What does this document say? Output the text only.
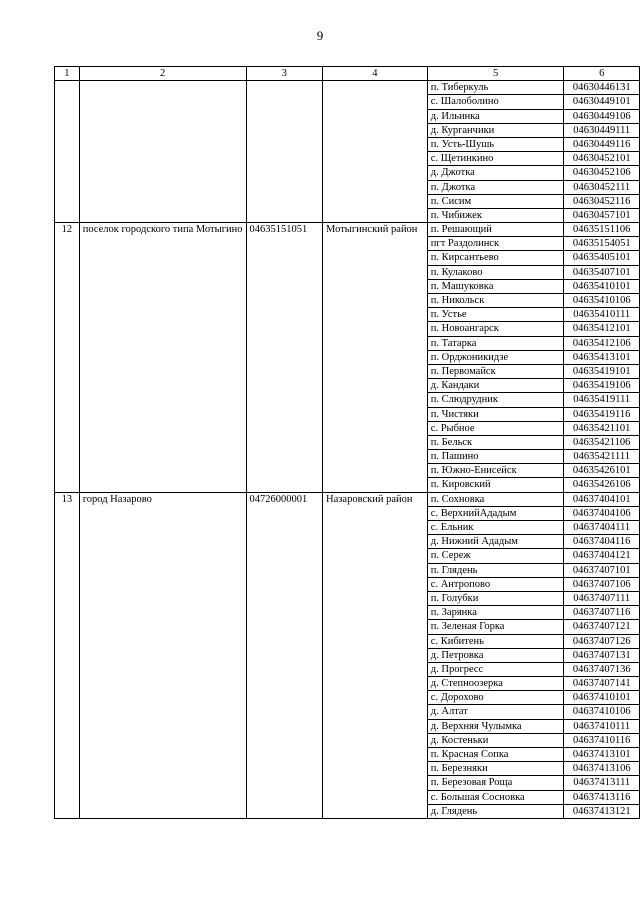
9
1	2	3	4	5	6
				п. Тиберкуль	04630446131
				с. Шалоболино	04630449101
				д. Ильинка	04630449106
				д. Курганчики	04630449111
				п. Усть-Шушь	04630449116
				с. Щетинкино	04630452101
				д. Джотка	04630452106
				п. Джотка	04630452111
				п. Сисим	04630452116
				п. Чибижек	04630457101
12	поселок городского типа Мотыгино	04635151051	Мотыгинский район	п. Решающий	04635151106
				пгт Раздолинск	04635154051
				п. Кирсантьево	04635405101
				п. Кулаково	04635407101
				п. Машуковка	04635410101
				п. Никольск	04635410106
				п. Устье	04635410111
				п. Новоангарск	04635412101
				п. Татарка	04635412106
				п. Орджоникидзе	04635413101
				п. Первомайск	04635419101
				д. Кандаки	04635419106
				п. Слюдрудник	04635419111
				п. Чистяки	04635419116
				с. Рыбное	04635421101
				п. Бельск	04635421106
				п. Пашино	04635421111
				п. Южно-Енисейск	04635426101
				п. Кировский	04635426106
13	город Назарово	04726000001	Назаровский район	п. Сохновка	04637404101
				с. ВерхнийАдадым	04637404106
				с. Ельник	04637404111
				д. Нижний Ададым	04637404116
				п. Сереж	04637404121
				п. Глядень	04637407101
				с. Антропово	04637407106
				п. Голубки	04637407111
				п. Зарянка	04637407116
				п. Зеленая Горка	04637407121
				с. Кибитень	04637407126
				д. Петровка	04637407131
				д. Прогресс	04637407136
				д. Степноозерка	04637407141
				с. Дорохово	04637410101
				д. Алтат	04637410106
				д. Верхняя Чулымка	04637410111
				д. Костеньки	04637410116
				п. Красная Сопка	04637413101
				п. Березняки	04637413106
				п. Березовая Роща	04637413111
				с. Большая Сосновка	04637413116
				д. Глядень	04637413121
